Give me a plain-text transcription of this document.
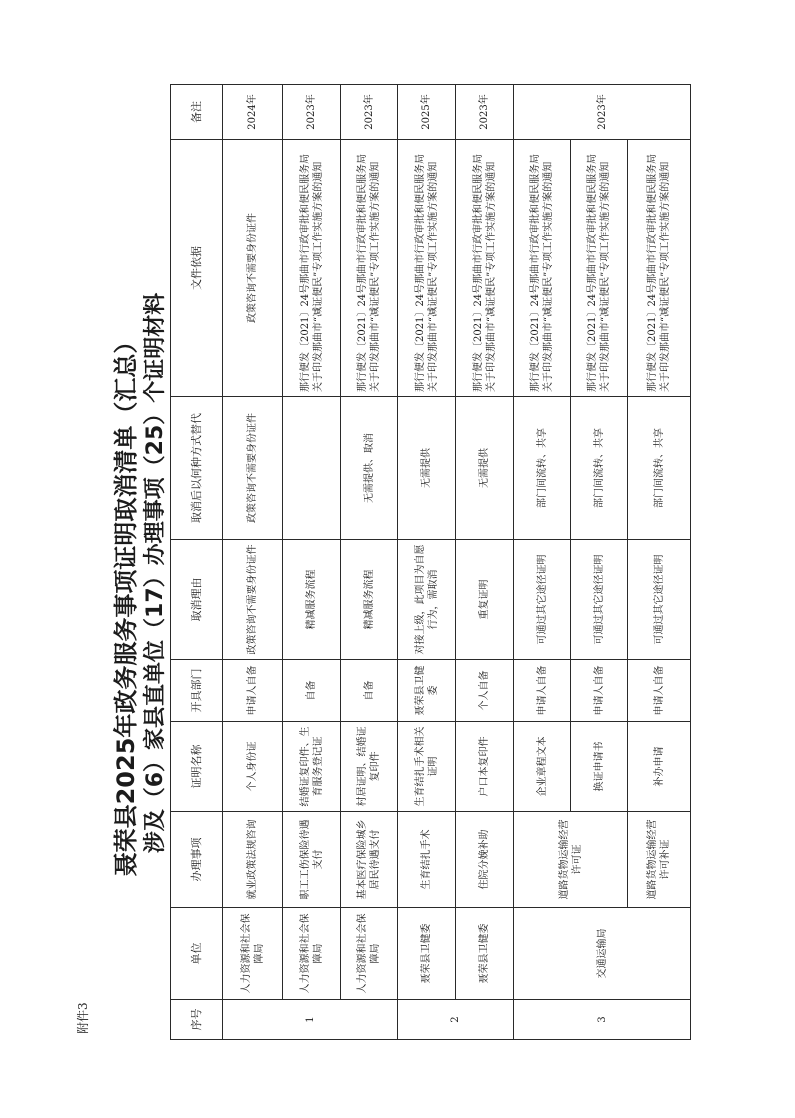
附件3
聂荣县2025年政务服务事项证明取消清单（汇总） 涉及（6）家县直单位（17）办理事项（25）个证明材料
序号	单位	办理事项	证明名称	开具部门	取消理由	取消后以何种方式替代	文件依据	备注
1	人力资源和社会保障局	就业政策法规咨询	个人身份证	申请人自备	政策咨询不需要身份证件	政策咨询不需要身份证件	政策咨询不需要身份证件	2024年
	人力资源和社会保障局	职工工伤保险待遇支付	结婚证复印件、生育服务登记证	自备	精减服务流程		那行便发〔2021〕24号那曲市行政审批和便民服务局关于印发那曲市“减证便民”专项工作实施方案的通知	2023年
	人力资源和社会保障局	基本医疗保险城乡居民待遇支付	村居证明、结婚证复印件	自备	精减服务流程	无需提供、取消	那行便发〔2021〕24号那曲市行政审批和便民服务局关于印发那曲市“减证便民”专项工作实施方案的通知	2023年
2	聂荣县卫健委	生育结扎手术	生育结扎手术相关证明	聂荣县卫健委	对接上级，此项目为自愿行为，需取消	无需提供	那行便发〔2021〕24号那曲市行政审批和便民服务局关于印发那曲市“减证便民”专项工作实施方案的通知	2025年
	聂荣县卫健委	住院分娩补助	户口本复印件	个人自备	重复证明	无需提供	那行便发〔2021〕24号那曲市行政审批和便民服务局关于印发那曲市“减证便民”专项工作实施方案的通知	2023年
3	交通运输局	道路货物运输经营许可证	企业章程文本	申请人自备	可通过其它途径证明	部门间流转、共享	那行便发〔2021〕24号那曲市行政审批和便民服务局关于印发那曲市“减证便民”专项工作实施方案的通知	2023年
			换证申请书	申请人自备	可通过其它途径证明	部门间流转、共享	那行便发〔2021〕24号那曲市行政审批和便民服务局关于印发那曲市“减证便民”专项工作实施方案的通知	
		道路货物运输经营许可补证	补办申请	申请人自备	可通过其它途径证明	部门间流转、共享	那行便发〔2021〕24号那曲市行政审批和便民服务局关于印发那曲市“减证便民”专项工作实施方案的通知	
